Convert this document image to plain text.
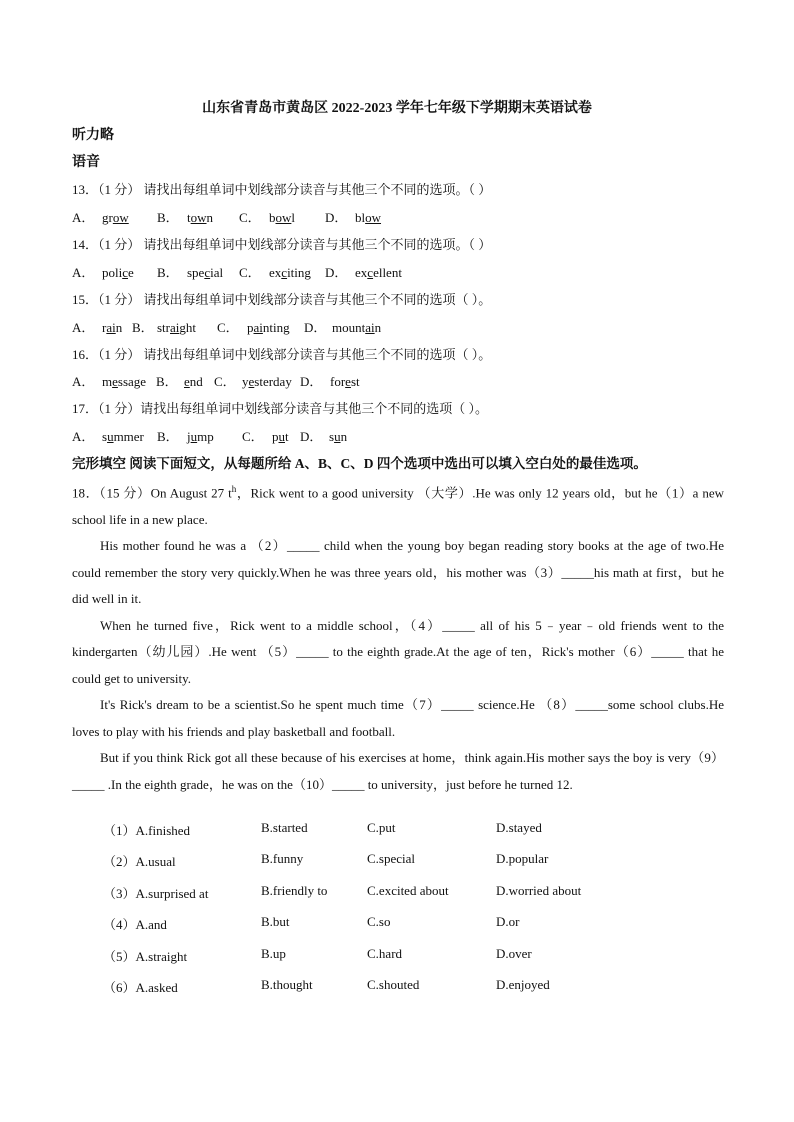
山东省青岛市黄岛区 2022-2023 学年七年级下学期期末英语试卷
听力略
语音
13．（1 分） 请找出每组单词中划线部分读音与其他三个不同的选项。（ ）
A． grow B． town C． bowl D． blow
14．（1 分） 请找出每组单词中划线部分读音与其他三个不同的选项。（ ）
A． police B． special C． exciting D． excellent
15．（1 分） 请找出每组单词中划线部分读音与其他三个不同的选项（ ）。
A． rain B． straight C． painting D． mountain
16．（1 分） 请找出每组单词中划线部分读音与其他三个不同的选项（ ）。
A． message B． end C． yesterday D． forest
17．（1 分）请找出每组单词中划线部分读音与其他三个不同的选项（ ）。
A． summer B． jump C． put D． sun
完形填空 阅读下面短文，从每题所给 A、B、C、D 四个选项中选出可以填入空白处的最佳选项。

18．（15 分）On August 27 $t^h$，Rick went to a good university （大学）.He was only 12 years old，but he（1）a new school life in a new place.

His mother found he was a （2）_____ child when the young boy began reading story books at the age of two.He could remember the story very quickly.When he was three years old，his mother was（3）_____his math at first，but he did well in it.

When he turned five，Rick went to a middle school，（4）_____ all of his 5﹣year﹣old friends went to the kindergarten（幼儿园）.He went （5）_____ to the eighth grade.At the age of ten，Rick's mother（6）_____ that he could get to university.

It's Rick's dream to be a scientist.So he spent much time（7）_____ science.He （8）_____some school clubs.He loves to play with his friends and play basketball and football.

But if you think Rick got all these because of his exercises at home，think again.His mother says the boy is very（9）_____ .In the eighth grade，he was on the（10）_____ to university，just before he turned 12.

（1）A.finished	B.started	C.put	D.stayed
（2）A.usual	B.funny	C.special	D.popular
（3）A.surprised at	B.friendly to	C.excited about	D.worried about
（4）A.and	B.but	C.so	D.or
（5）A.straight	B.up	C.hard	D.over
（6）A.asked	B.thought	C.shouted	D.enjoyed
